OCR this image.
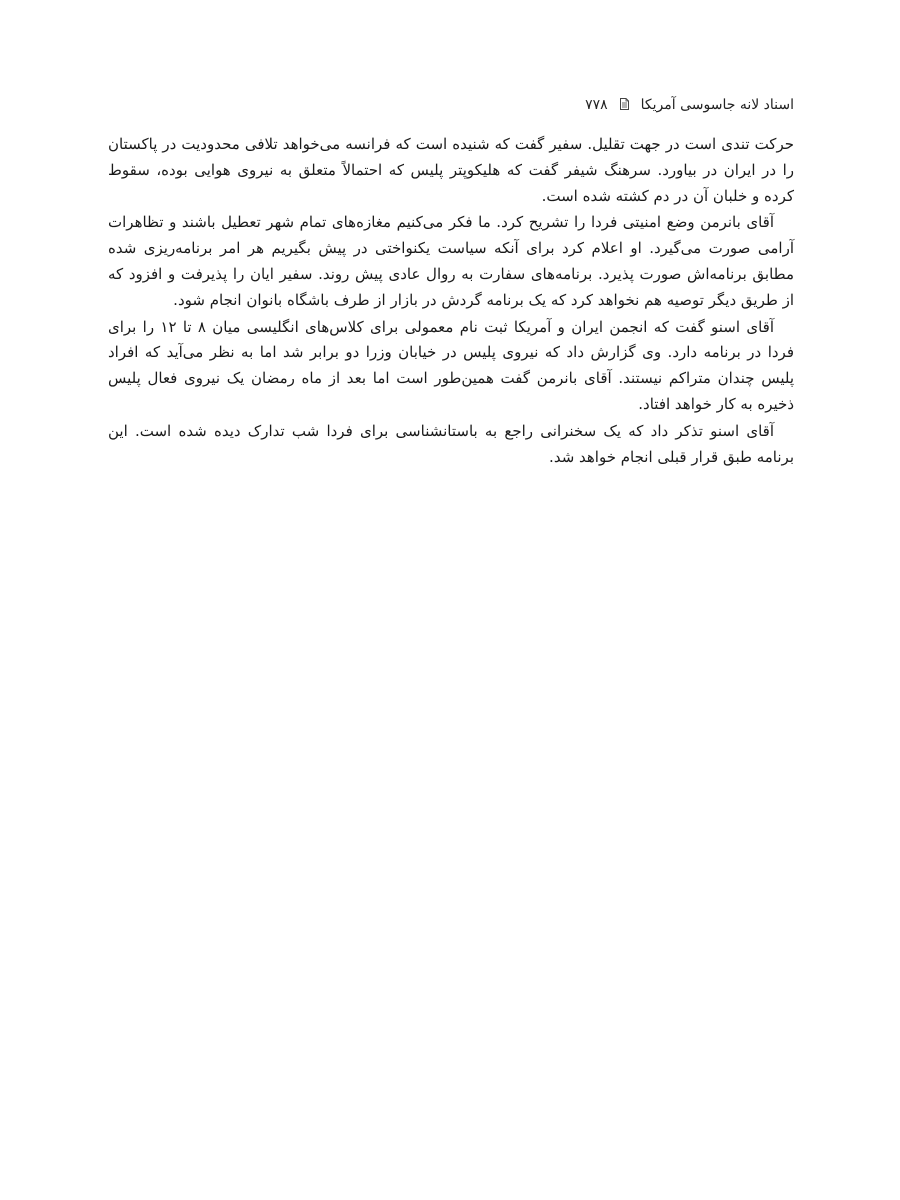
اسناد لانه جاسوسی آمریکا
۷۷۸

حرکت تندی است در جهت تقلیل. سفیر گفت که شنیده است که فرانسه می‌خواهد تلافی محدودیت در پاکستان را در ایران در بیاورد. سرهنگ شیفر گفت که هلیکوپتر پلیس که احتمالاً متعلق به نیروی هوایی بوده، سقوط کرده و خلبان آن در دم کشته شده است.

آقای بانرمن وضع امنیتی فردا را تشریح کرد. ما فکر می‌کنیم مغازه‌های تمام شهر تعطیل باشند و تظاهرات آرامی صورت می‌گیرد. او اعلام کرد برای آنکه سیاست یکنواختی در پیش بگیریم هر امر برنامه‌ریزی شده مطابق برنامه‌اش صورت پذیرد. برنامه‌های سفارت به روال عادی پیش روند. سفیر ایان را پذیرفت و افزود که از طریق دیگر توصیه هم نخواهد کرد که یک برنامه گردش در بازار از طرف باشگاه بانوان انجام شود.

آقای اسنو گفت که انجمن ایران و آمریکا ثبت نام معمولی برای کلاس‌های انگلیسی میان ۸ تا ۱۲ را برای فردا در برنامه دارد. وی گزارش داد که نیروی پلیس در خیابان وزرا دو برابر شد اما به نظر می‌آید که افراد پلیس چندان متراکم نیستند. آقای بانرمن گفت همین‌طور است اما بعد از ماه رمضان یک نیروی فعال پلیس ذخیره به کار خواهد افتاد.

آقای اسنو تذکر داد که یک سخنرانی راجع به باستانشناسی برای فردا شب تدارک دیده شده است. این برنامه طبق قرار قبلی انجام خواهد شد.
